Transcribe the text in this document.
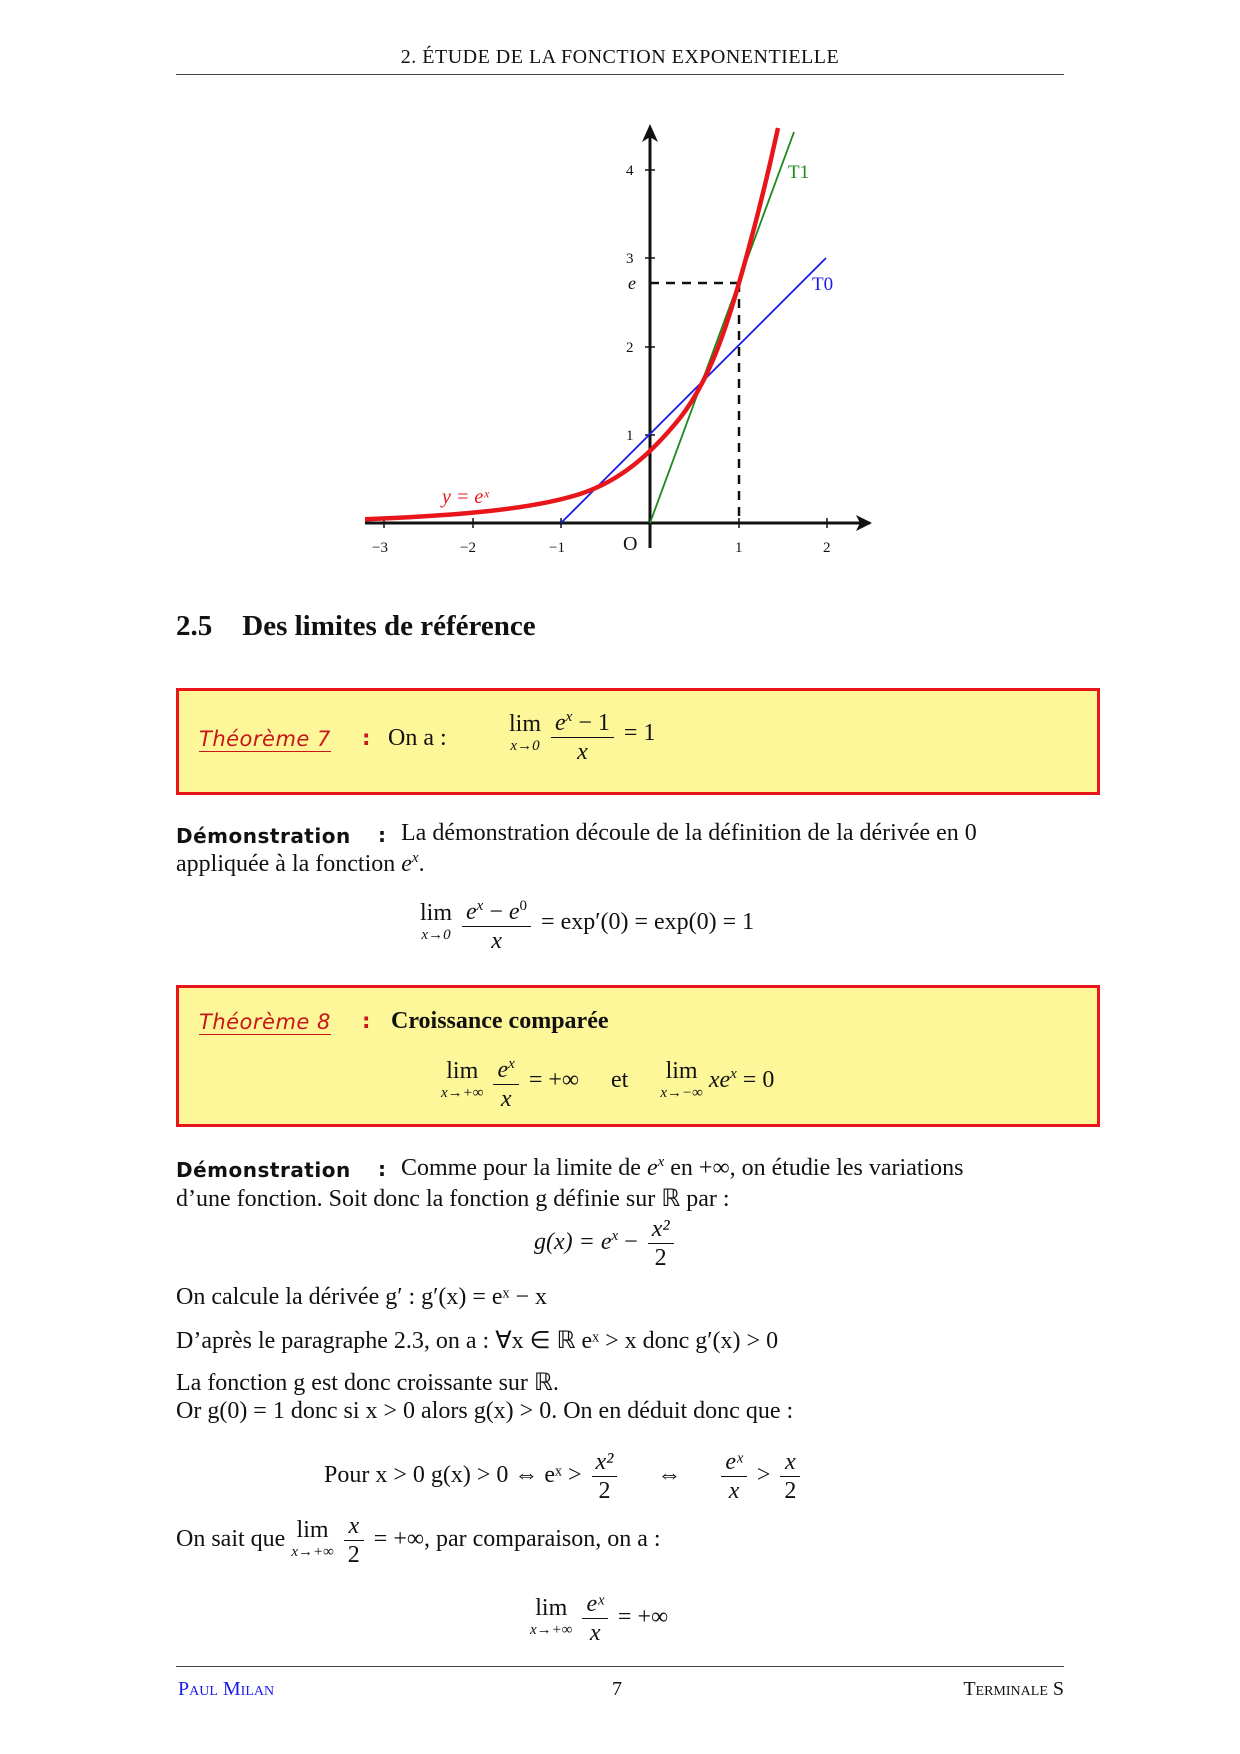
2. ÉTUDE DE LA FONCTION EXPONENTIELLE
−3	−2	−1	1	2
1
2
3
4
O
e
y = eˣ
T0
T1
2.5 Des limites de référence
Théorème 7 : On a :
lim
x→0
$\frac{e^x - 1}{x} = 1$
Démonstration : La démonstration découle de la définition de la dérivée en 0
appliquée à la fonction $e^x$.
lim
x→0
$\frac{e^x - e^0}{x} = \exp'(0) = \exp(0) = 1$
Théorème 8 : Croissance comparée
lim
x→+∞
$\frac{e^x}{x}$ = +∞ et lim
x→−∞ $xe^x = 0$
Démonstration : Comme pour la limite de $e^x$ en +∞, on étudie les variations
d’une fonction. Soit donc la fonction g définie sur ℝ par :
$g(x) = e^x - \frac{\text{x²}}{2}$
On calcule la dérivée g′ : g′(x) = eˣ − x
D’après le paragraphe 2.3, on a : ∀x ∈ ℝ eˣ > x donc g′(x) > 0
La fonction g est donc croissante sur ℝ.
Or g(0) = 1 donc si x > 0 alors g(x) > 0. On en déduit donc que :
Pour x > 0 g(x) > 0 ⇔ eˣ > $\frac{\text{x²}}{2}$ ⇔ $\frac{\text{eˣ}}{x} > \frac{x}{2}$
On sait que lim
x→+∞
$\frac{x}{2}$ = +∞, par comparaison, on a :
lim
x→+∞
$\frac{\text{eˣ}}{x}$ = +∞
Paul Milan	7	Terminale S
